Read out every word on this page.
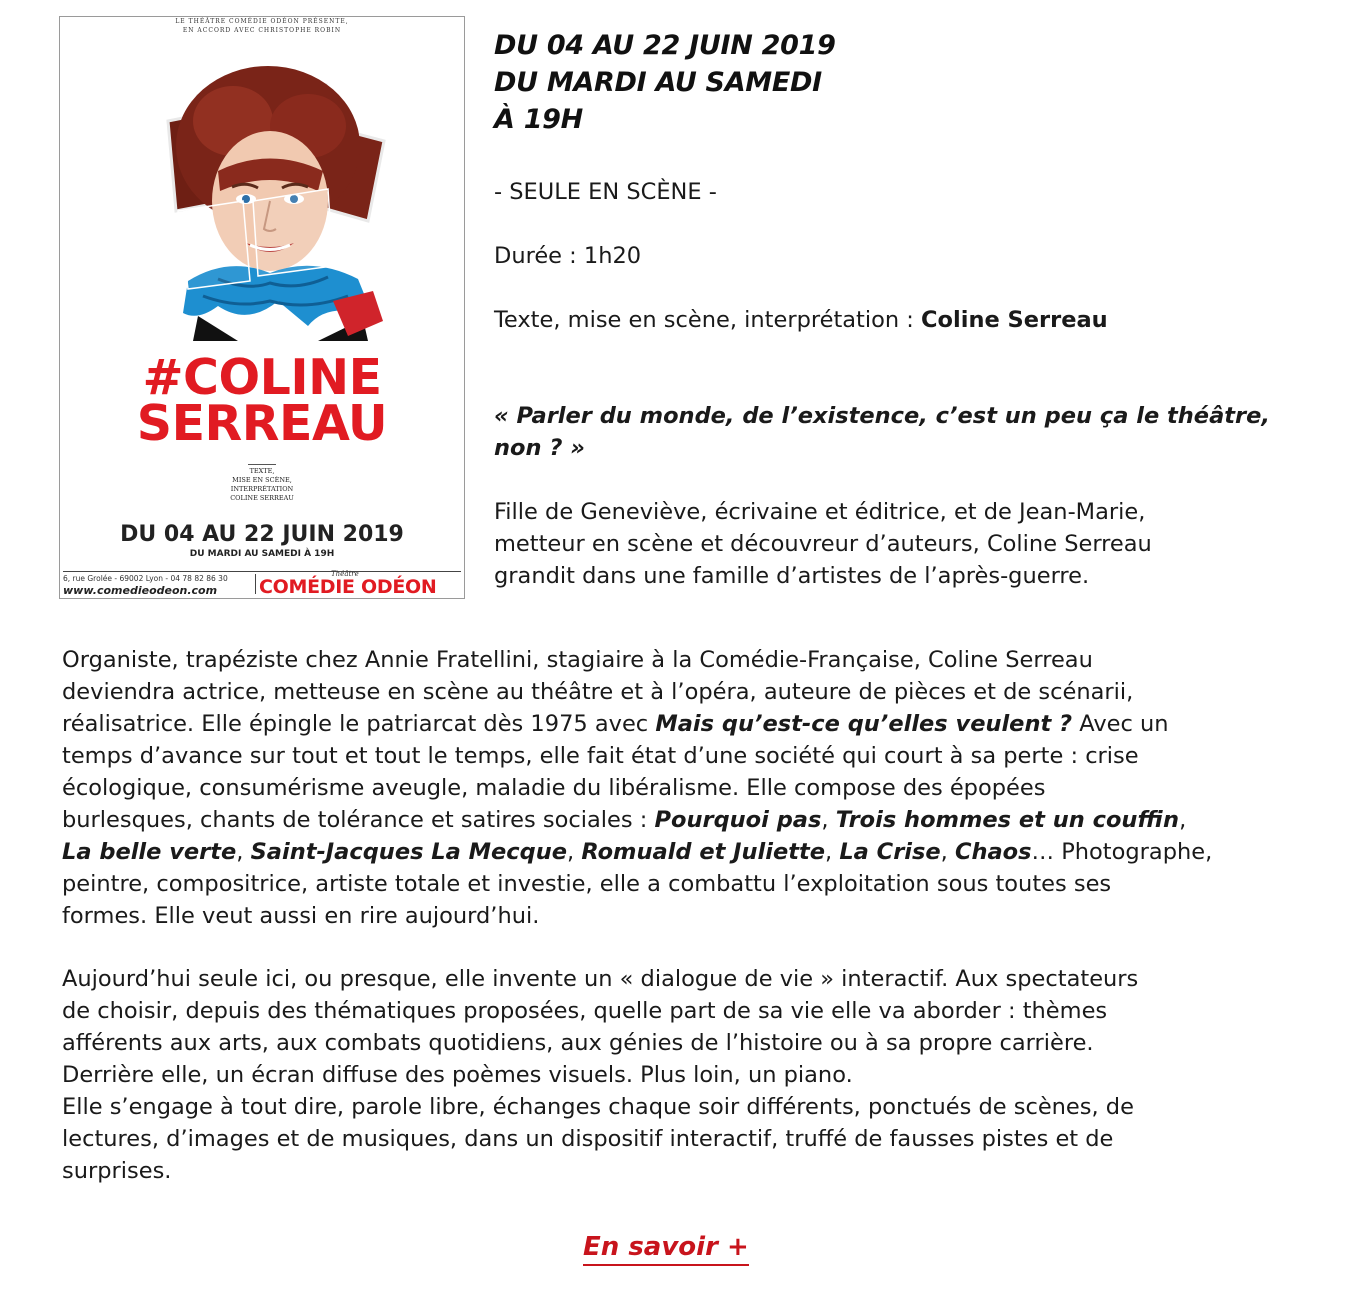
LE THÉÂTRE COMÉDIE ODÉON PRÉSENTE,
EN ACCORD AVEC CHRISTOPHE ROBIN
#COLINE
SERREAU
TEXTE,
MISE EN SCÈNE,
INTERPRÉTATION
COLINE SERREAU
DU 04 AU 22 JUIN 2019
DU MARDI AU SAMEDI À 19H
6, rue Grolée - 69002 Lyon - 04 78 82 86 30
www.comedieodeon.com
Théâtre
COMÉDIE ODÉON
DU 04 AU 22 JUIN 2019
DU MARDI AU SAMEDI
À 19H
- SEULE EN SCÈNE -
Durée : 1h20
Texte, mise en scène, interprétation : Coline Serreau
« Parler du monde, de l’existence, c’est un peu ça le théâtre,
non ? »
Fille de Geneviève, écrivaine et éditrice, et de Jean-Marie,
metteur en scène et découvreur d’auteurs, Coline Serreau
grandit dans une famille d’artistes de l’après-guerre.
Organiste, trapéziste chez Annie Fratellini, stagiaire à la Comédie-Française, Coline Serreau
deviendra actrice, metteuse en scène au théâtre et à l’opéra, auteure de pièces et de scénarii,
réalisatrice. Elle épingle le patriarcat dès 1975 avec Mais qu’est-ce qu’elles veulent ? Avec un
temps d’avance sur tout et tout le temps, elle fait état d’une société qui court à sa perte : crise
écologique, consumérisme aveugle, maladie du libéralisme. Elle compose des épopées
burlesques, chants de tolérance et satires sociales : Pourquoi pas, Trois hommes et un couffin,
La belle verte, Saint-Jacques La Mecque, Romuald et Juliette, La Crise, Chaos… Photographe,
peintre, compositrice, artiste totale et investie, elle a combattu l’exploitation sous toutes ses
formes. Elle veut aussi en rire aujourd’hui.
Aujourd’hui seule ici, ou presque, elle invente un « dialogue de vie » interactif. Aux spectateurs
de choisir, depuis des thématiques proposées, quelle part de sa vie elle va aborder : thèmes
afférents aux arts, aux combats quotidiens, aux génies de l’histoire ou à sa propre carrière.
Derrière elle, un écran diffuse des poèmes visuels. Plus loin, un piano.
Elle s’engage à tout dire, parole libre, échanges chaque soir différents, ponctués de scènes, de
lectures, d’images et de musiques, dans un dispositif interactif, truffé de fausses pistes et de
surprises.
En savoir +
